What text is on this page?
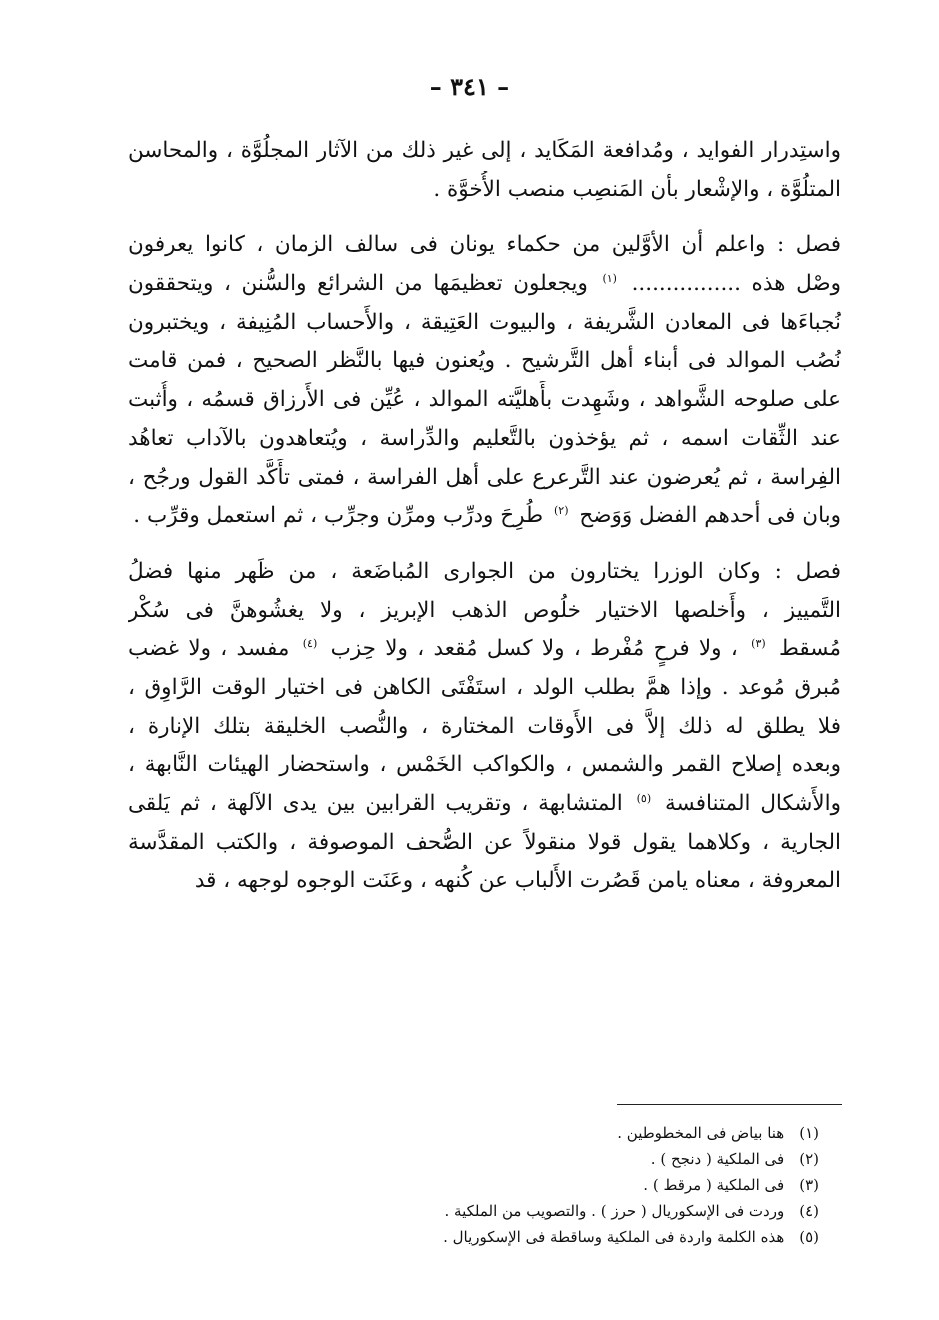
– ٣٤١ –
واستِدرار الفوايد ، ومُدافعة المَكَايد ، إلى غير ذلك من الآثار المجلُوَّة ، والمحاسن
المتلُوَّة ، والإشْعار بأن المَنصِب منصب الأُخوَّة .
فصل : واعلم أن الأوَّلين من حكماء يونان فى سالف الزمان ، كانوا يعرفون
وصْل هذه ................ $^{(١)}$ ويجعلون تعظيمَها من الشرائع والسُّنن ، ويتحققون
نُجباءَها فى المعادن الشَّريفة ، والبيوت العَتِيقة ، والأَحساب المُنِيفة ، ويختبرون
نُصُب الموالد فى أبناء أهل التَّرشيح . ويُعنون فيها بالنَّظر الصحيح ، فمن قامت
على صلوحه الشَّواهد ، وشَهِدت بأَهليَّته الموالد ، عُيِّن فى الأَرزاق قسمُه ، وأُثبت
عند الثِّقات اسمه ، ثم يؤخذون بالتَّعليم والدِّراسة ، ويُتعاهدون بالآداب تعاهُد
الفِراسة ، ثم يُعرضون عند التَّرعرع على أهل الفراسة ، فمتى تأَكَّد القول ورجُح ،
وبان فى أحدهم الفضل وَوَضح $^{(٢)}$ طُرِحَ ودرِّب ومرِّن وجرِّب ، ثم استعمل وقرِّب .
فصل : وكان الوزرا يختارون من الجوارى المُباضَعة ، من ظَهر منها فضلُ
التَّمييز ، وأَخلصها الاختيار خلُوص الذهب الإبريز ، ولا يغشُوهنَّ فى سُكْر
مُسقط $^{(٣)}$ ، ولا فرحٍ مُفْرط ، ولا كسل مُقعد ، ولا حِزب $^{(٤)}$ مفسد ، ولا غضب
مُبرق مُوعد . وإذا همَّ بطلب الولد ، استَفْتَى الكاهن فى اختيار الوقت الرَّاوِق ،
فلا يطلق له ذلك إلاَّ فى الأَوقات المختارة ، والنُّصب الخليقة بتلك الإنارة ،
وبعده إصلاح القمر والشمس ، والكواكب الخَمْس ، واستحضار الهيئات النَّابهة ،
والأَشكال المتنافسة $^{(٥)}$ المتشابهة ، وتقريب القرابين بين يدى الآلهة ، ثم يَلقى
الجارية ، وكلاهما يقول قولا منقولاً عن الصُّحف الموصوفة ، والكتب المقدَّسة
المعروفة ، معناه يامن قَصُرت الأَلباب عن كُنهه ، وعَنَت الوجوه لوجهه ، قد
(١) هنا بياض فى المخطوطين .
(٢) فى الملكية ( دنجح ) .
(٣) فى الملكية ( مرقط ) .
(٤) وردت فى الإسكوريال ( حرز ) . والتصويب من الملكية .
(٥) هذه الكلمة واردة فى الملكية وساقطة فى الإسكوريال .
